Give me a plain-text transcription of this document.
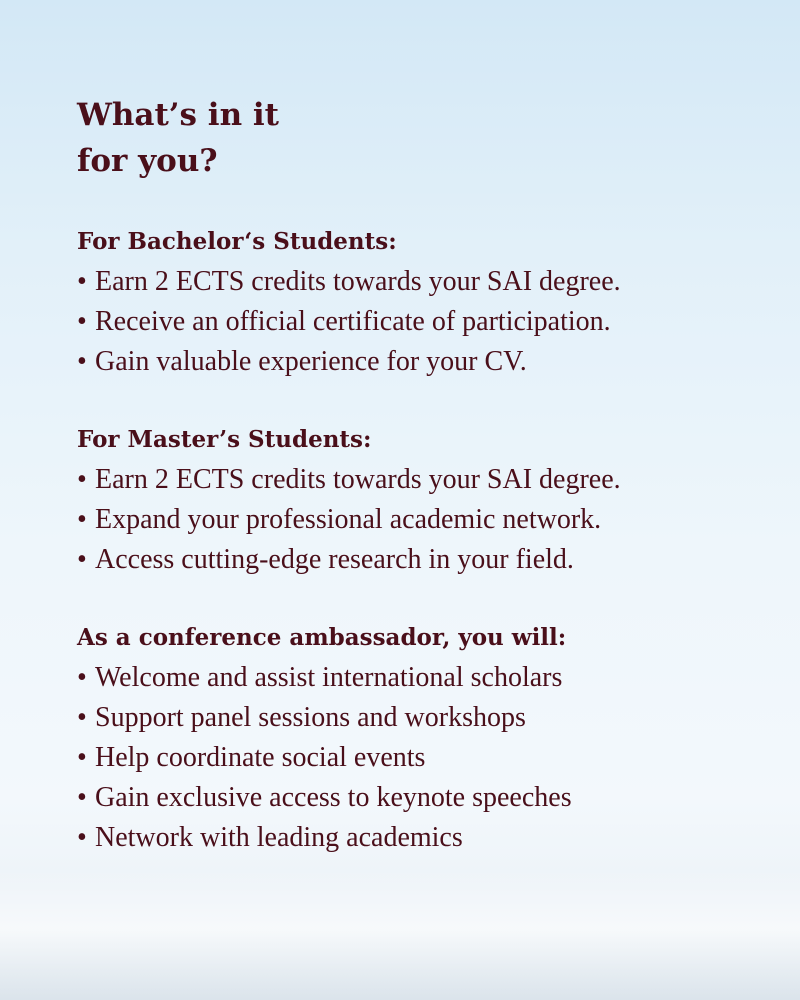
What’s in it
for you?
For Bachelor‘s Students:
• Earn 2 ECTS credits towards your SAI degree.
• Receive an official certificate of participation.
• Gain valuable experience for your CV.
For Master’s Students:
• Earn 2 ECTS credits towards your SAI degree.
• Expand your professional academic network.
• Access cutting-edge research in your field.
As a conference ambassador, you will:
• Welcome and assist international scholars
• Support panel sessions and workshops
• Help coordinate social events
• Gain exclusive access to keynote speeches
• Network with leading academics
